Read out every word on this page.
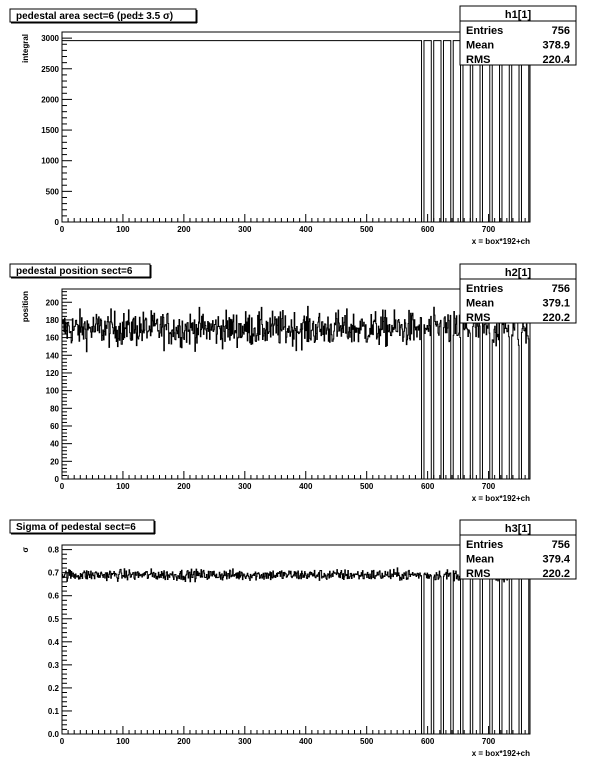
0	100	200	300	400	500	600	700
0
500
1000
1500
2000
2500
3000
x = box*192+ch
integral
pedestal area sect=6 (ped± 3.5 σ)	h1[1]
Entries	756
Mean	378.9
RMS	220.4
0	100	200	300	400	500	600	700
0
20
40
60
80
100
120
140
160
180
200
x = box*192+ch
position
pedestal position sect=6	h2[1]
Entries	756
Mean	379.1
RMS	220.2
0	100	200	300	400	500	600	700
0.0
0.1
0.2
0.3
0.4
0.5
0.6
0.7
0.8
x = box*192+ch
σ
Sigma of pedestal sect=6	h3[1]
Entries	756
Mean	379.4
RMS	220.2
